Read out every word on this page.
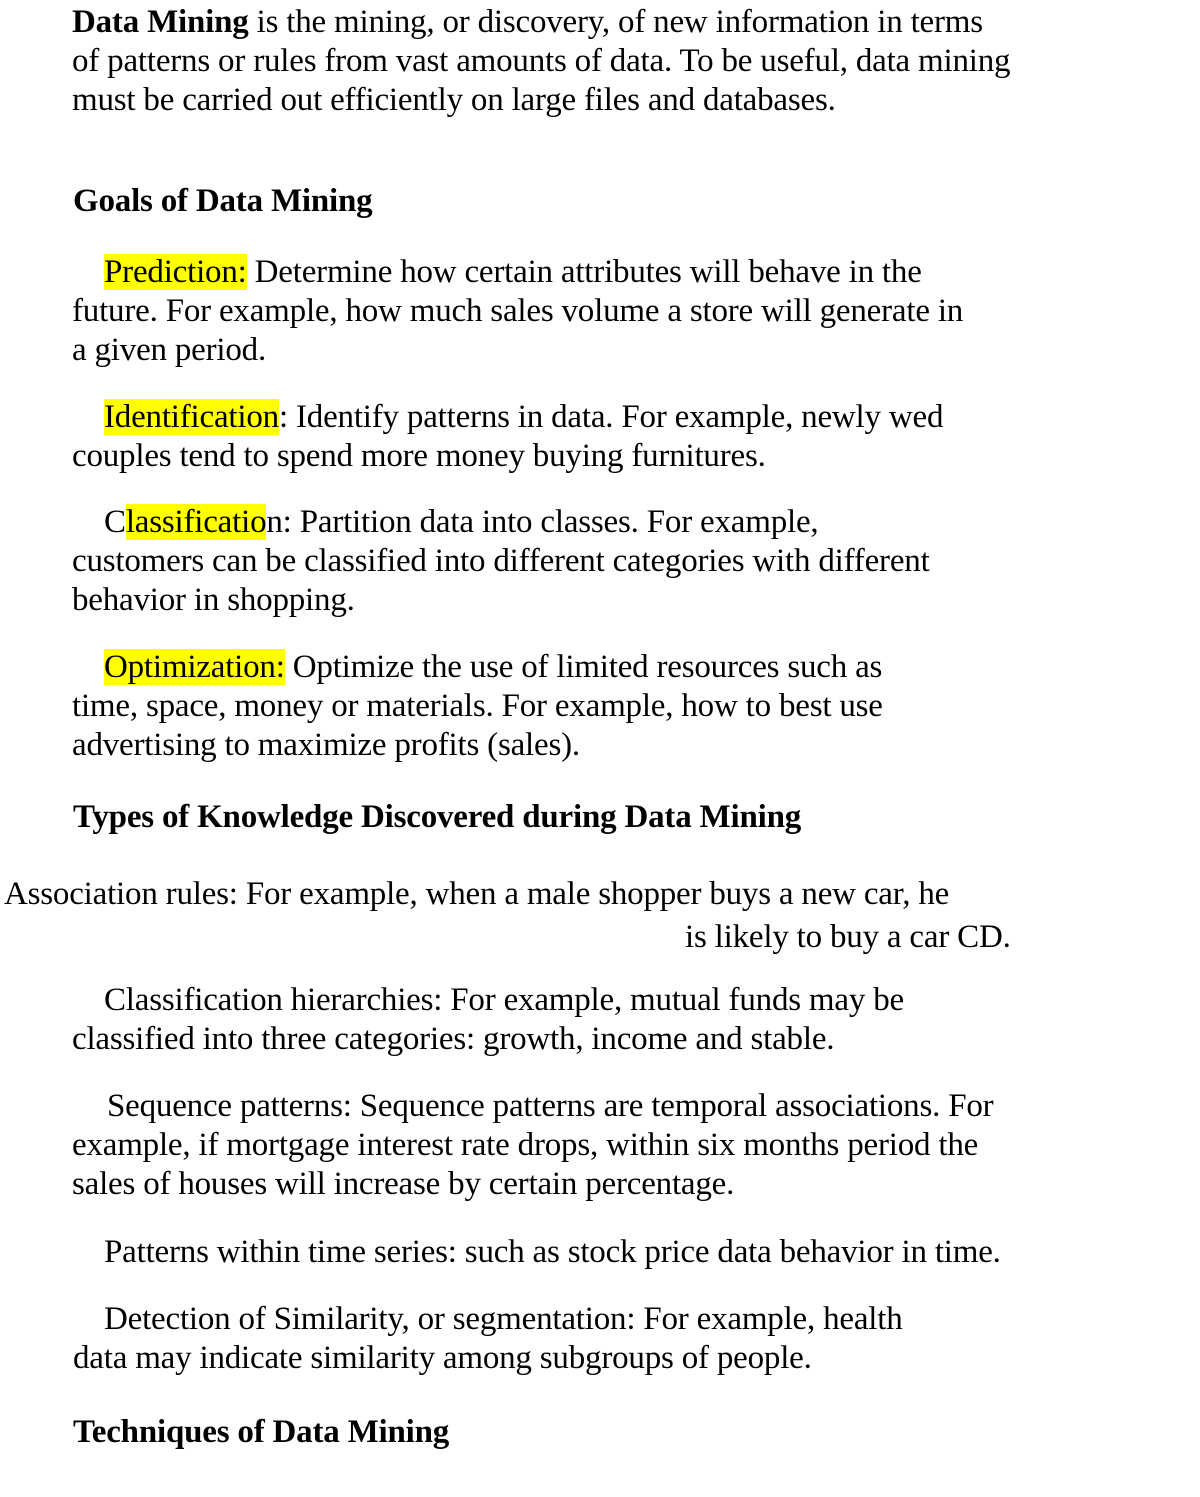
Data Mining is the mining, or discovery, of new information in terms
of patterns or rules from vast amounts of data. To be useful, data mining
must be carried out efficiently on large files and databases.
Goals of Data Mining
Prediction: Determine how certain attributes will behave in the
future. For example, how much sales volume a store will generate in
a given period.
Identification: Identify patterns in data. For example, newly wed
couples tend to spend more money buying furnitures.
Classification: Partition data into classes. For example,
customers can be classified into different categories with different
behavior in shopping.
Optimization: Optimize the use of limited resources such as
time, space, money or materials. For example, how to best use
advertising to maximize profits (sales).
Types of Knowledge Discovered during Data Mining
Association rules: For example, when a male shopper buys a new car, he
is likely to buy a car CD.
Classification hierarchies: For example, mutual funds may be
classified into three categories: growth, income and stable.
Sequence patterns: Sequence patterns are temporal associations. For
example, if mortgage interest rate drops, within six months period the
sales of houses will increase by certain percentage.
Patterns within time series: such as stock price data behavior in time.
Detection of Similarity, or segmentation: For example, health
data may indicate similarity among subgroups of people.
Techniques of Data Mining
